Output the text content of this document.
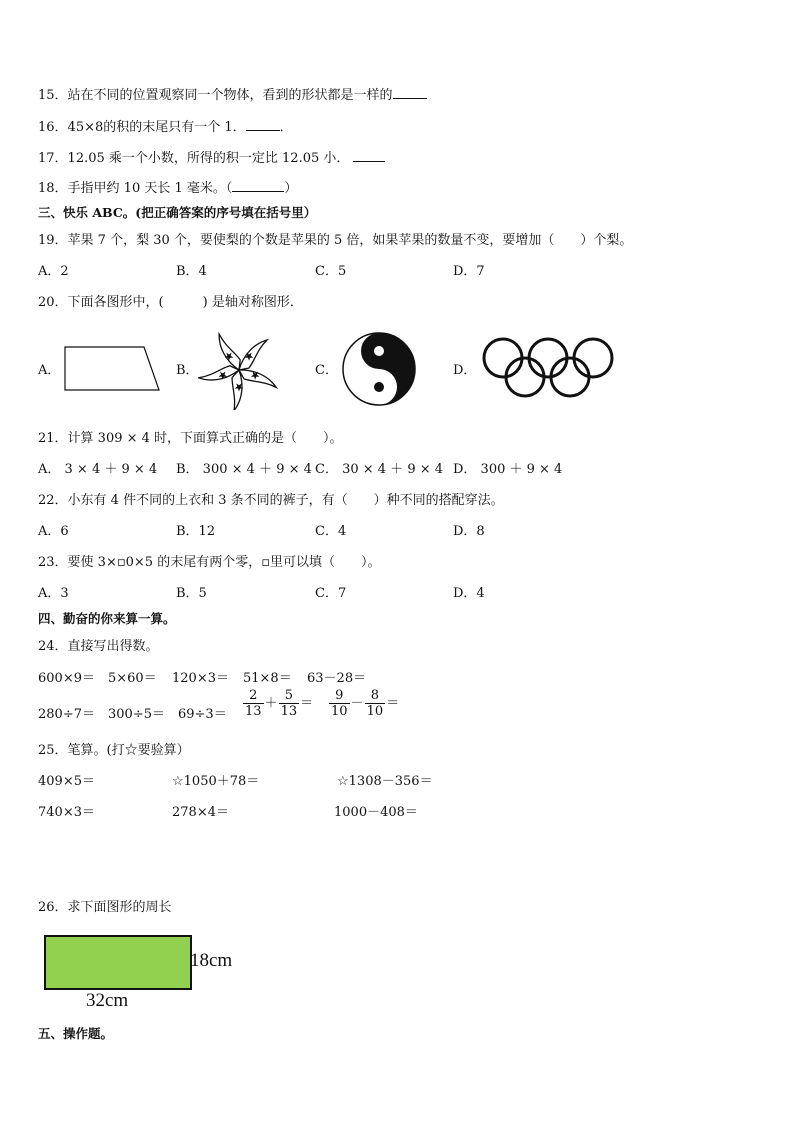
15．站在不同的位置观察同一个物体，看到的形状都是一样的
16．45×8的积的末尾只有一个 1．	．
17．12.05 乘一个小数，所得的积一定比 12.05 小．
18．手指甲约 10 天长 1 毫米。（	）
三、快乐 ABC。(把正确答案的序号填在括号里）
19．苹果 7 个，梨 30 个，要使梨的个数是苹果的 5 倍，如果苹果的数量不变，要增加（　　）个梨。
A．2	B．4	C．5	D．7
20．下面各图形中，(　　　) 是轴对称图形．
A．	B．	C．	D．
21．计算 309 × 4 时，下面算式正确的是（　　）。
A． 3 × 4 ＋ 9 × 4 B． 300 × 4 ＋ 9 × 4 C． 30 × 4 ＋ 9 × 4 D． 300 ＋ 9 × 4
22．小东有 4 件不同的上衣和 3 条不同的裤子，有（　　）种不同的搭配穿法。
A．6	B．12	C．4	D．8
23．要使 3×▫0×5 的末尾有两个零，▫里可以填（　　）。
A．3	B．5	C．7	D．4
四、勤奋的你来算一算。
24．直接写出得数。
600×9＝ 5×60＝ 120×3＝ 51×8＝ 63－28＝
$280\div 7= 300\div 5= 69\div 3= \frac{2}{13} + \frac{5}{13} = \frac{9}{10} - \frac{8}{10}$ ＝
25．笔算。(打☆要验算）
409×5＝	☆1050＋78＝	☆1308－356＝
740×3＝	278×4＝	1000－408＝
26．求下面图形的周长
18cm
32cm
五、操作题。
